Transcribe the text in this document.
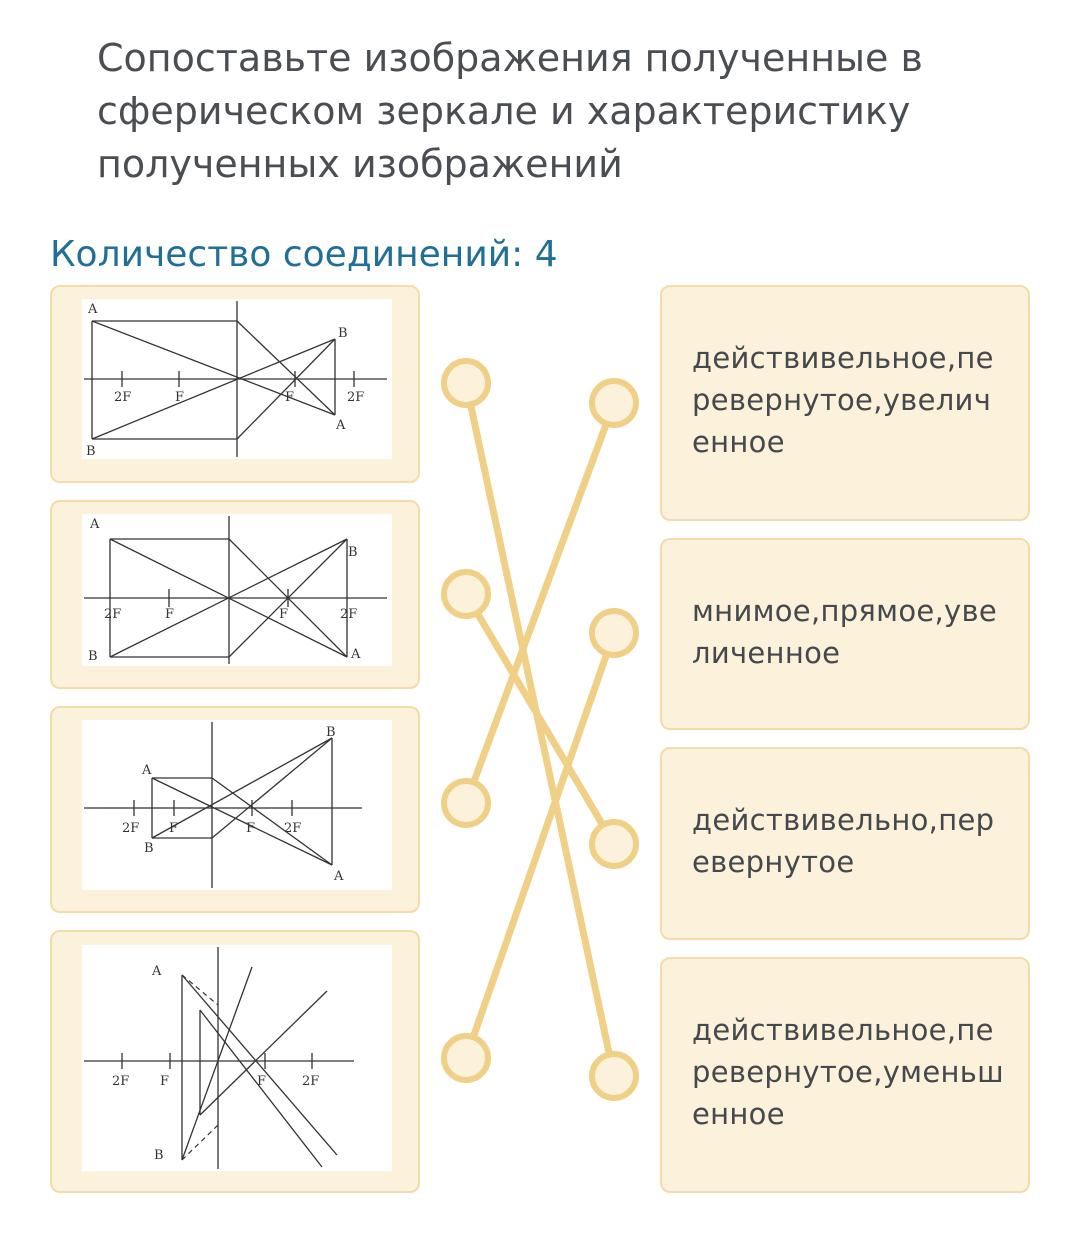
Сопоставьте изображения полученные в сферическом зеркале и характеристику полученных изображений
Количество соединений: 4
A
B
B
A
2F	F	F	2F
A
B
B
A
2F	F	F	2F
A
B
B
A
2F F	F 2F
A
B
2F F	F	2F
действивельное,перевернутое,увеличенное
мнимое,прямое,увеличенное
действивельно,перевернутое
действивельное,перевернутое,уменьшенное
